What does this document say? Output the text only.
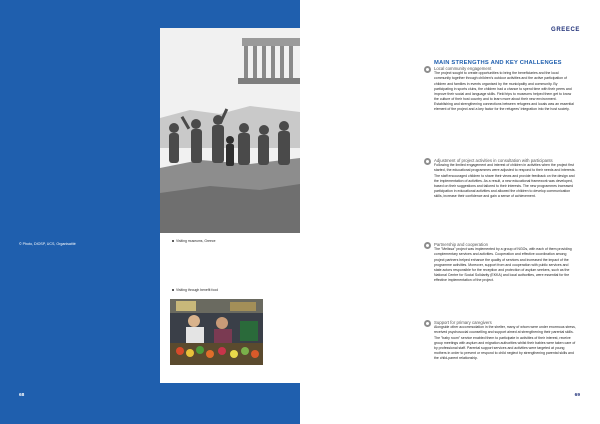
Visiting museums, Greece
Visiting through benefit food
© Photo, DIOSP, UCS, Organisatité
68
GREECE
MAIN STRENGTHS AND KEY CHALLENGES
Local community engagement
The project sought to create opportunities to bring the beneficiaries and the local community together through children's outdoor activities and the active participation of children and families in events organised by the municipality and community. By participating in sports clubs, the children had a chance to spend time with their peers and improve their social and language skills. Field trips to museums helped them get to know the culture of their host country and to learn more about their new environment. Establishing and strengthening connections between refugees and locals was an essential element of the project and a key factor for the refugees' integration into the host society.
Adjustment of project activities in consultation with participants
Following the limited engagement and interest of children in activities when the project first started, the educational programmes were adjusted to respond to their needs and interests. The staff encouraged children to share their views and provide feedback on the design and the implementation of activities. As a result, a new educational framework was developed, based on their suggestions and tailored to their interests. The new programmes increased participation in educational activities and allowed the children to develop communication skills, increase their confidence and gain a sense of achievement.
Partnership and cooperation
The "Melissa" project was implemented by a group of NGOs, with each of them providing complementary services and activities. Cooperation and effective coordination among project partners helped enhance the quality of services and increased the impact of the programme activities. Moreover, support from and cooperation with public services and state actors responsible for the reception and protection of asylum seekers, such as the National Centre for Social Solidarity (EKKA) and local authorities, were essential for the effective implementation of the project.
Support for primary caregivers
Alongside other accommodation in the shelter, many of whom were under enormous stress, received psychosocial counselling and support aimed at strengthening their parental skills. The "baby room" service enabled them to participate in activities of their interest, receive group meetings with asylum and migration authorities whilst their babies were taken care of by professional staff. Parental support services and activities were targeted at young mothers in order to prevent or respond to child neglect by strengthening parental skills and the child-parent relationship.
69
